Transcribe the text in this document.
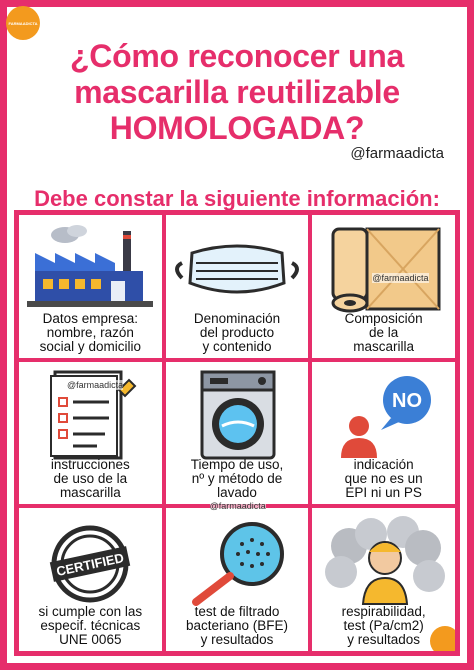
FARMAADICTA
¿Cómo reconocer una
mascarilla reutilizable
HOMOLOGADA?
@farmaadicta
Debe constar la siguiente información:
Datos empresa:
nombre, razón
social y domicilio
Denominación
del producto
y contenido
@farmaadicta
Composición
de la
mascarilla
@farmaadicta
instrucciones
de uso de la
mascarilla
Tiempo de uso,
nº y método de
lavado
NO
indicación
que no es un
EPI ni un PS
CERTIFIED
si cumple con las
especif. técnicas
UNE 0065
@farmaadicta
test de filtrado
bacteriano (BFE)
y resultados
respirabilidad,
test (Pa/cm2)
y resultados
